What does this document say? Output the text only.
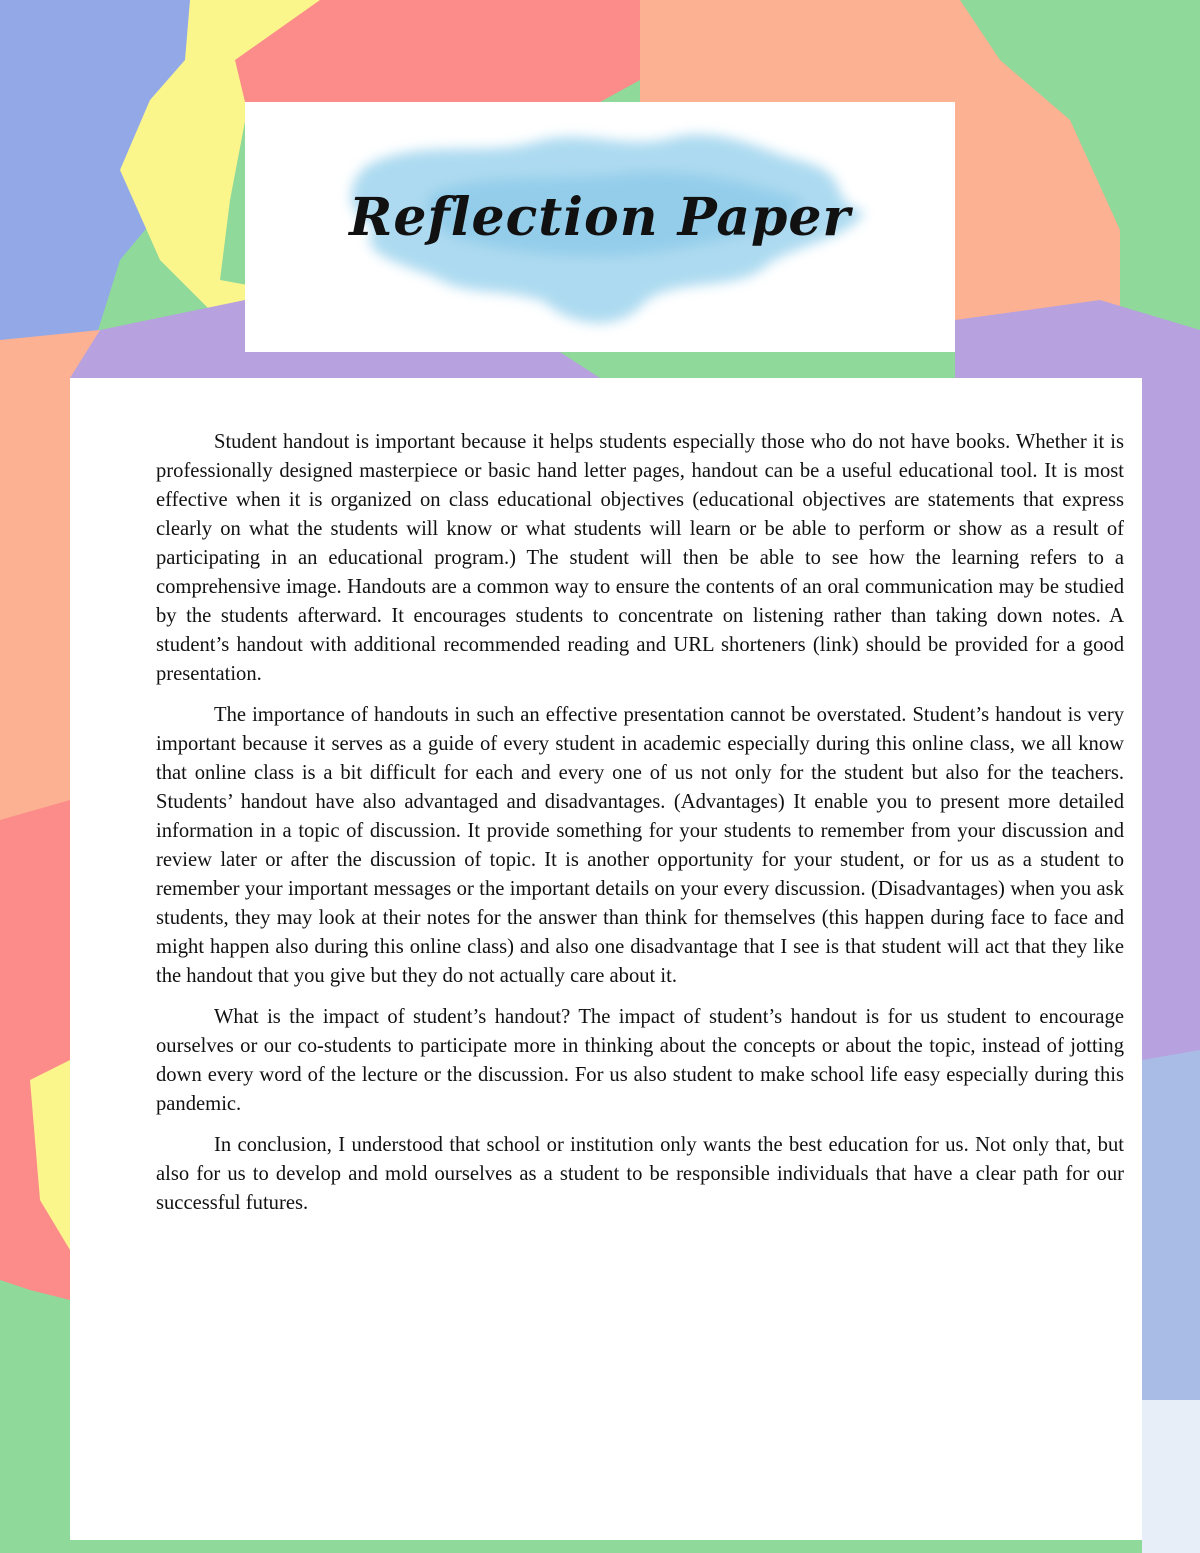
Reflection Paper

Student handout is important because it helps students especially those who do not have books. Whether it is professionally designed masterpiece or basic hand letter pages, handout can be a useful educational tool. It is most effective when it is organized on class educational objectives (educational objectives are statements that express clearly on what the students will know or what students will learn or be able to perform or show as a result of participating in an educational program.) The student will then be able to see how the learning refers to a comprehensive image. Handouts are a common way to ensure the contents of an oral communication may be studied by the students afterward. It encourages students to concentrate on listening rather than taking down notes. A student’s handout with additional recommended reading and URL shorteners (link) should be provided for a good presentation.

The importance of handouts in such an effective presentation cannot be overstated. Student’s handout is very important because it serves as a guide of every student in academic especially during this online class, we all know that online class is a bit difficult for each and every one of us not only for the student but also for the teachers. Students’ handout have also advantaged and disadvantages. (Advantages) It enable you to present more detailed information in a topic of discussion. It provide something for your students to remember from your discussion and review later or after the discussion of topic. It is another opportunity for your student, or for us as a student to remember your important messages or the important details on your every discussion. (Disadvantages) when you ask students, they may look at their notes for the answer than think for themselves (this happen during face to face and might happen also during this online class) and also one disadvantage that I see is that student will act that they like the handout that you give but they do not actually care about it.

What is the impact of student’s handout? The impact of student’s handout is for us student to encourage ourselves or our co-students to participate more in thinking about the concepts or about the topic, instead of jotting down every word of the lecture or the discussion. For us also student to make school life easy especially during this pandemic.

In conclusion, I understood that school or institution only wants the best education for us. Not only that, but also for us to develop and mold ourselves as a student to be responsible individuals that have a clear path for our successful futures.
